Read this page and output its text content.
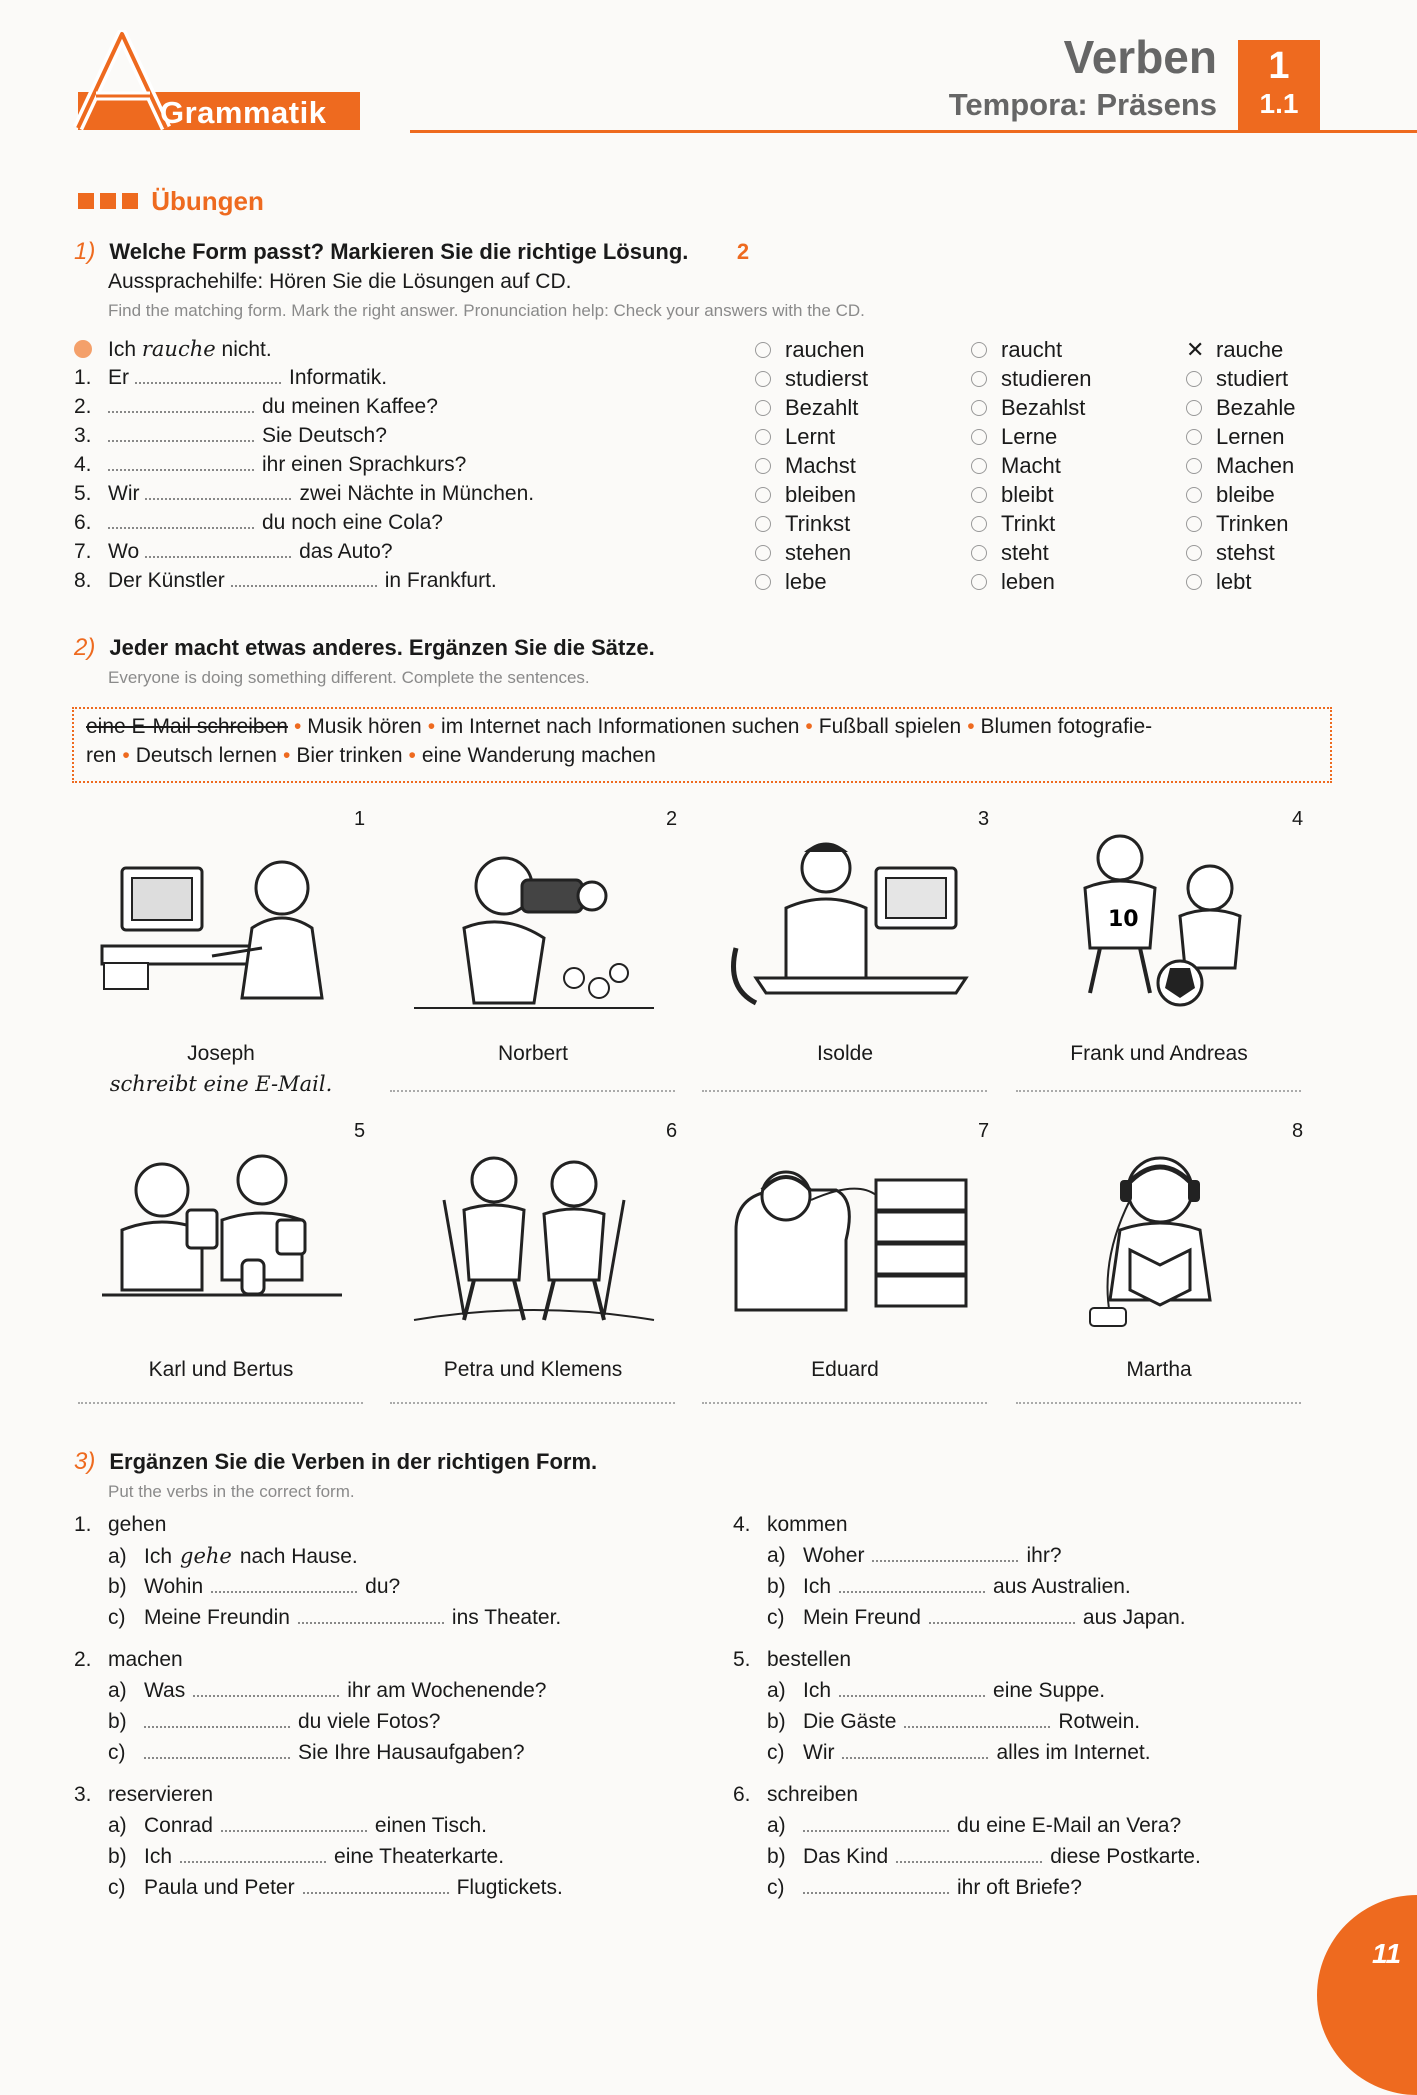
Grammatik
Verben
Tempora: Präsens
1
1.1
Übungen
1) Welche Form passt? Markieren Sie die richtige Lösung. 2
Aussprachehilfe: Hören Sie die Lösungen auf CD.
Find the matching form. Mark the right answer. Pronunciation help: Check your answers with the CD.
Ich rauche nicht.	rauchen	raucht	✕ rauche
1. Er	Informatik.	studierst	studieren	studiert
2.	du meinen Kaffee?	Bezahlt	Bezahlst	Bezahle
3.	Sie Deutsch?	Lernt	Lerne	Lernen
4.	ihr einen Sprachkurs?	Machst	Macht	Machen
5. Wir	zwei Nächte in München.	bleiben	bleibt	bleibe
6.	du noch eine Cola?	Trinkst	Trinkt	Trinken
7. Wo	das Auto?	stehen	steht	stehst
8. Der Künstler	in Frankfurt.	lebe	leben	lebt
2) Jeder macht etwas anderes. Ergänzen Sie die Sätze.
Everyone is doing something different. Complete the sentences.
eine E-Mail schreiben • Musik hören • im Internet nach Informationen suchen • Fußball spielen • Blumen fotografie-
ren • Deutsch lernen • Bier trinken • eine Wanderung machen
1
Joseph
schreibt eine E-Mail.
2
Norbert
3
Isolde
10
4
Frank und Andreas
5
Karl und Bertus
6
Petra und Klemens
7
Eduard
8
Martha
3) Ergänzen Sie die Verben in der richtigen Form.
Put the verbs in the correct form.
1. gehen
a) Ich gehe nach Hause.
b) Wohin	du?
c) Meine Freundin	ins Theater.
2. machen
a) Was	ihr am Wochenende?
b)	du viele Fotos?
c)	Sie Ihre Hausaufgaben?
3. reservieren
a) Conrad	einen Tisch.
b) Ich	eine Theaterkarte.
c) Paula und Peter	Flugtickets.
4. kommen
a) Woher	ihr?
b) Ich	aus Australien.
c) Mein Freund	aus Japan.
5. bestellen
a) Ich	eine Suppe.
b) Die Gäste	Rotwein.
c) Wir	alles im Internet.
6. schreiben
a)	du eine E-Mail an Vera?
b) Das Kind	diese Postkarte.
c)	ihr oft Briefe?
11
